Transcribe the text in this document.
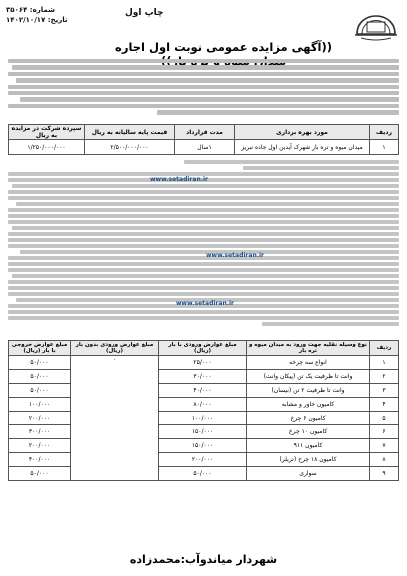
شماره: ۳۵۰۶۴
تاریخ: ۱۴۰۲/۱۰/۱۷
چاپ اول
((آگهی مزایده عمومی نوبت اول اجاره
ردیف	مورد بهره برداری	مدت قرارداد	قیمت پایه سالیانه به ریال	سپرده شرکت در مزایده به ریال
۱	میدان میوه و تره بار شهرک آیدین اول جاده تبریز	۱سال	۲/۵۰۰/۰۰۰/۰۰۰	۱/۲۵۰/۰۰۰/۰۰۰
www.setadiran.ir
www.setadiran.ir
www.setadiran.ir
ردیف	نوع وسیله نقلیه جهت ورود به میدان میوه و تره بار	مبلغ عوارض ورودی با بار (ریال)	مبلغ عوارض ورودی بدون بار (ریال)	مبلغ عوارض خروجی با بار (ریال)
۱	انواع سه چرخه	۲۵/۰۰۰	۰	۵۰/۰۰۰
۲	وانت تا ظرفیت یک تن (پیکان وانت)	۳۰/۰۰۰		۵۰/۰۰۰
۳	وانت تا ظرفیت ۲ تن (نیسان)	۴۰/۰۰۰		۵۰/۰۰۰
۴	کامیون خاور و مشابه	۸۰/۰۰۰		۱۰۰/۰۰۰
۵	کامیون ۶ چرخ	۱۰۰/۰۰۰		۲۰۰/۰۰۰
۶	کامیون ۱۰ چرخ	۱۵۰/۰۰۰		۳۰۰/۰۰۰
۷	کامیون ۹۱۱	۱۵۰/۰۰۰		۲۰۰/۰۰۰
۸	کامیون ۱۸ چرخ (تریلر)	۲۰۰/۰۰۰		۴۰۰/۰۰۰
۹	سواری	۵۰/۰۰۰		۵۰/۰۰۰
شهردار میاندوآب:محمدزاده
